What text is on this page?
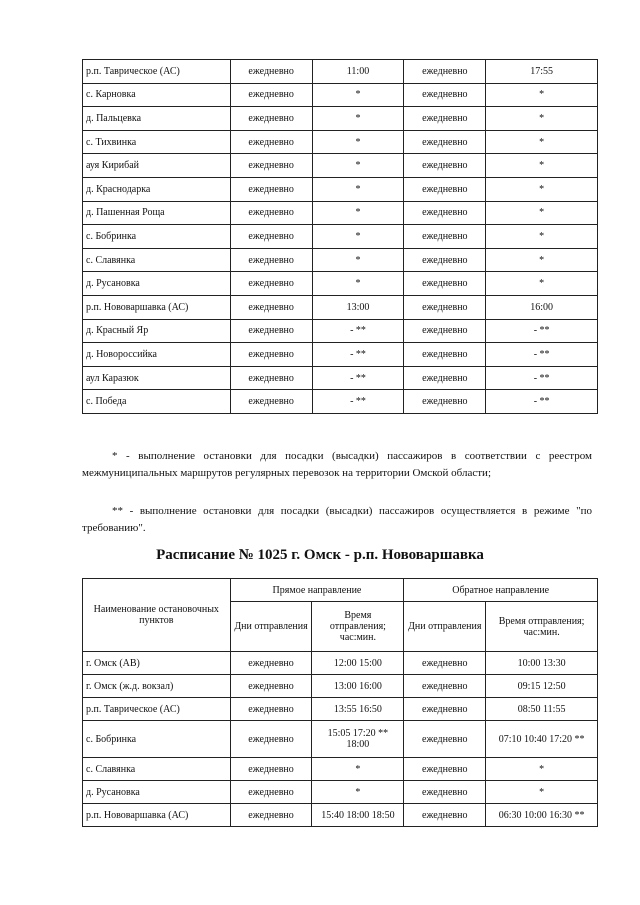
р.п. Таврическое (АС)	ежедневно	11:00	ежедневно	17:55
с. Карновка	ежедневно	*	ежедневно	*
д. Пальцевка	ежедневно	*	ежедневно	*
с. Тихвинка	ежедневно	*	ежедневно	*
ауя Кирибай	ежедневно	*	ежедневно	*
д. Краснодарка	ежедневно	*	ежедневно	*
д. Пашенная Роща	ежедневно	*	ежедневно	*
с. Бобринка	ежедневно	*	ежедневно	*
с. Славянка	ежедневно	*	ежедневно	*
д. Русановка	ежедневно	*	ежедневно	*
р.п. Нововаршавка (АС)	ежедневно	13:00	ежедневно	16:00
д. Красный Яр	ежедневно	- **	ежедневно	- **
д. Новороссийка	ежедневно	- **	ежедневно	- **
аул Каразюк	ежедневно	- **	ежедневно	- **
с. Победа	ежедневно	- **	ежедневно	- **
* - выполнение остановки для посадки (высадки) пассажиров в соответствии с реестром межмуниципальных маршрутов регулярных перевозок на территории Омской области;
** - выполнение остановки для посадки (высадки) пассажиров осуществляется в режиме "по требованию".
Расписание № 1025 г. Омск - р.п. Нововаршавка
Наименование остановочных пунктов	Прямое направление		Обратное направление	
	Дни отправления	Время отправления; час:мин.	Дни отправления	Время отправления; час:мин.
г. Омск (АВ)	ежедневно	12:00 15:00	ежедневно	10:00 13:30
г. Омск (ж.д. вокзал)	ежедневно	13:00 16:00	ежедневно	09:15 12:50
р.п. Таврическое (АС)	ежедневно	13:55 16:50	ежедневно	08:50 11:55
с. Бобринка	ежедневно	15:05 17:20 ** 18:00	ежедневно	07:10 10:40 17:20 **
с. Славянка	ежедневно	*	ежедневно	*
д. Русановка	ежедневно	*	ежедневно	*
р.п. Нововаршавка (АС)	ежедневно	15:40 18:00 18:50	ежедневно	06:30 10:00 16:30 **
